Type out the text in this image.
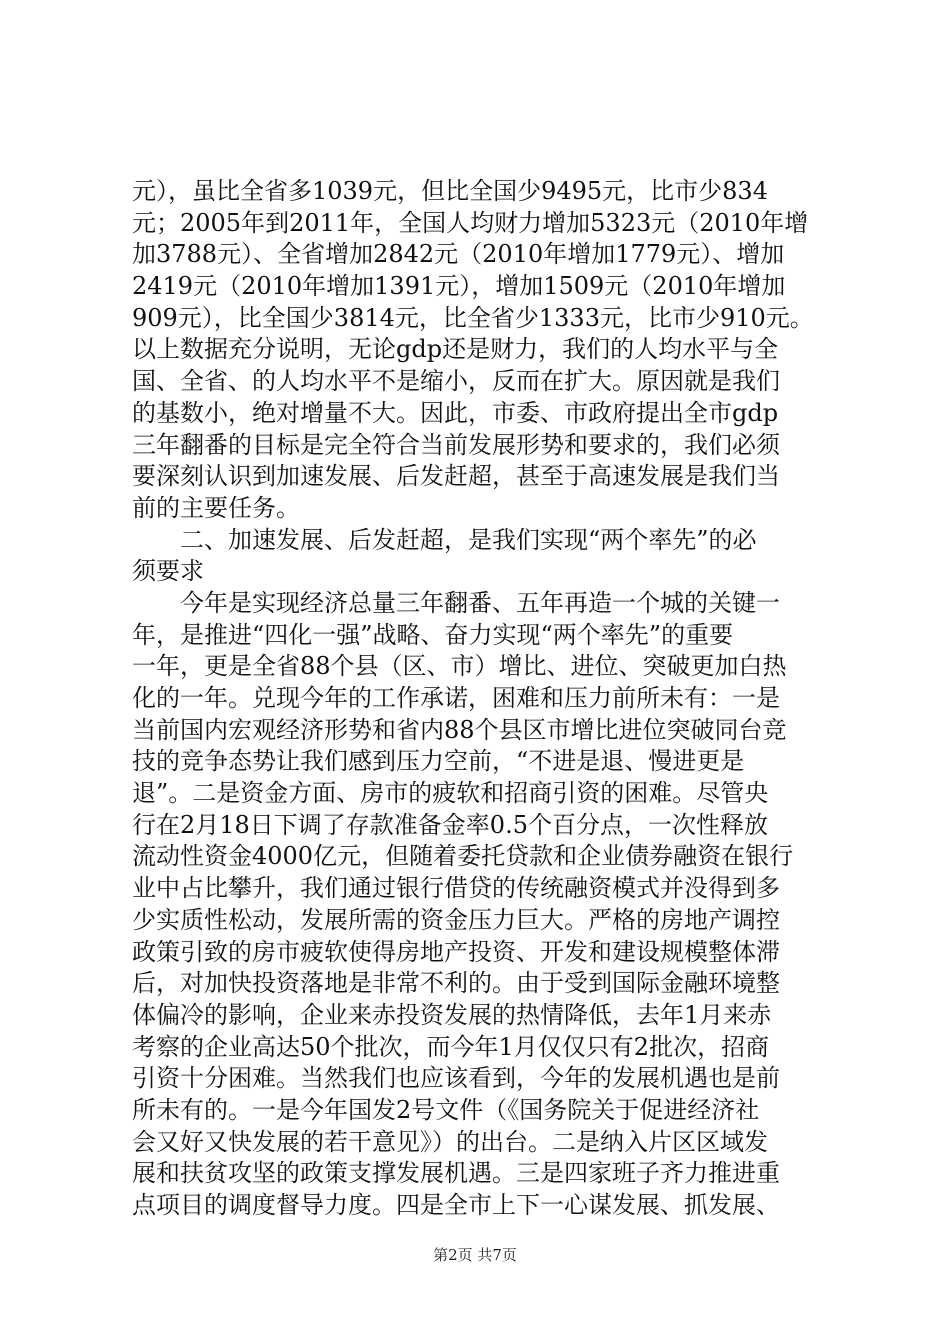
元），虽比全省多1039元，但比全国少9495元，比市少834
元；2005年到2011年，全国人均财力增加5323元（2010年增
加3788元）、全省增加2842元（2010年增加1779元）、增加
2419元（2010年增加1391元），增加1509元（2010年增加
909元），比全国少3814元，比全省少1333元，比市少910元。
以上数据充分说明，无论gdp还是财力，我们的人均水平与全
国、全省、的人均水平不是缩小，反而在扩大。原因就是我们
的基数小，绝对增量不大。因此，市委、市政府提出全市gdp
三年翻番的目标是完全符合当前发展形势和要求的，我们必须
要深刻认识到加速发展、后发赶超，甚至于高速发展是我们当
前的主要任务。
　　二、加速发展、后发赶超，是我们实现“两个率先”的必
须要求
　　今年是实现经济总量三年翻番、五年再造一个城的关键一
年，是推进“四化一强”战略、奋力实现“两个率先”的重要
一年，更是全省88个县（区、市）增比、进位、突破更加白热
化的一年。兑现今年的工作承诺，困难和压力前所未有：一是
当前国内宏观经济形势和省内88个县区市增比进位突破同台竞
技的竞争态势让我们感到压力空前，“不进是退、慢进更是
退”。二是资金方面、房市的疲软和招商引资的困难。尽管央
行在2月18日下调了存款准备金率0.5个百分点，一次性释放
流动性资金4000亿元，但随着委托贷款和企业债券融资在银行
业中占比攀升，我们通过银行借贷的传统融资模式并没得到多
少实质性松动，发展所需的资金压力巨大。严格的房地产调控
政策引致的房市疲软使得房地产投资、开发和建设规模整体滞
后，对加快投资落地是非常不利的。由于受到国际金融环境整
体偏冷的影响，企业来赤投资发展的热情降低，去年1月来赤
考察的企业高达50个批次，而今年1月仅仅只有2批次，招商
引资十分困难。当然我们也应该看到，今年的发展机遇也是前
所未有的。一是今年国发2号文件（《国务院关于促进经济社
会又好又快发展的若干意见》）的出台。二是纳入片区区域发
展和扶贫攻坚的政策支撑发展机遇。三是四家班子齐力推进重
点项目的调度督导力度。四是全市上下一心谋发展、抓发展、
第2页 共7页
